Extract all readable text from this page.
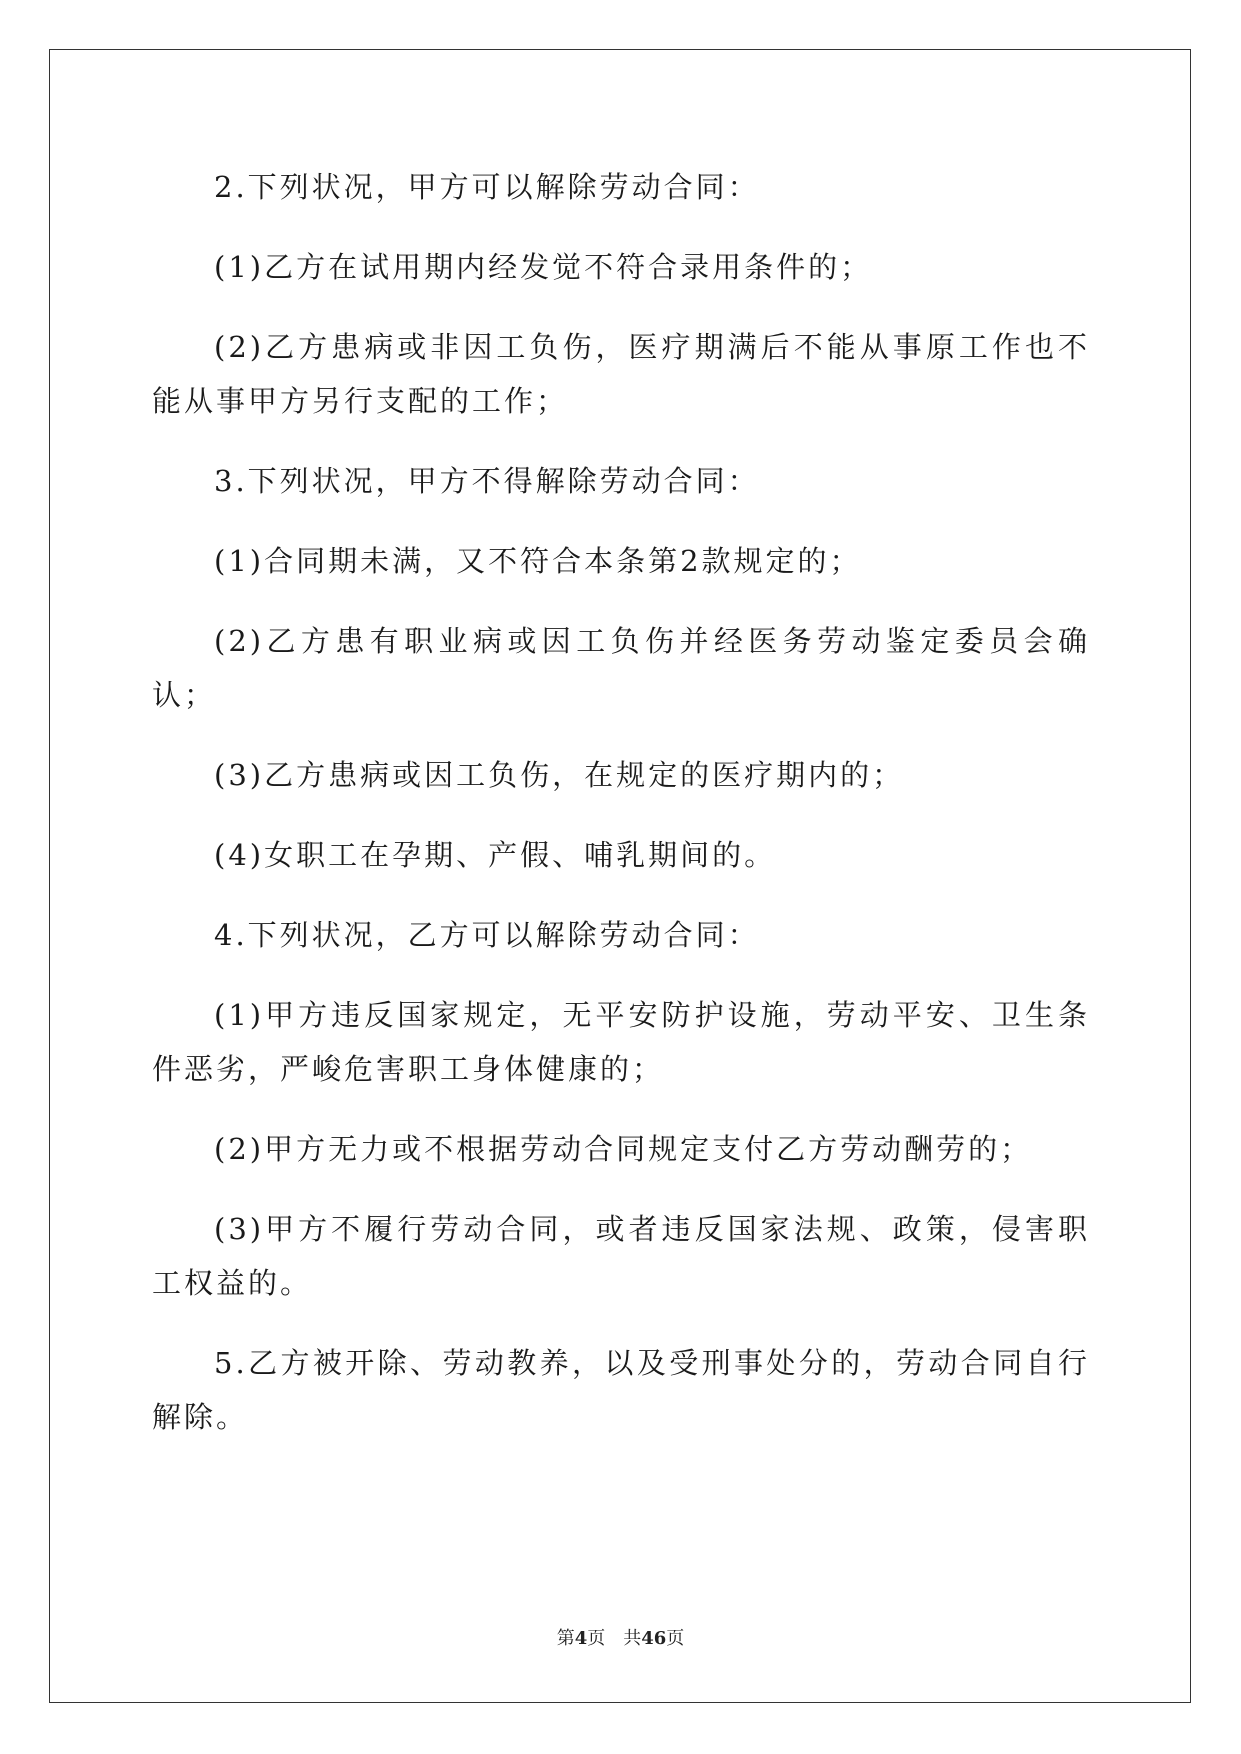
2.下列状况，甲方可以解除劳动合同：

(1)乙方在试用期内经发觉不符合录用条件的；

(2)乙方患病或非因工负伤，医疗期满后不能从事原工作也不能从事甲方另行支配的工作；

3.下列状况，甲方不得解除劳动合同：

(1)合同期未满，又不符合本条第2款规定的；

(2)乙方患有职业病或因工负伤并经医务劳动鉴定委员会确认；

(3)乙方患病或因工负伤，在规定的医疗期内的；

(4)女职工在孕期、产假、哺乳期间的。

4.下列状况，乙方可以解除劳动合同：

(1)甲方违反国家规定，无平安防护设施，劳动平安、卫生条件恶劣，严峻危害职工身体健康的；

(2)甲方无力或不根据劳动合同规定支付乙方劳动酬劳的；

(3)甲方不履行劳动合同，或者违反国家法规、政策，侵害职工权益的。

5.乙方被开除、劳动教养，以及受刑事处分的，劳动合同自行解除。

第4页 共46页
